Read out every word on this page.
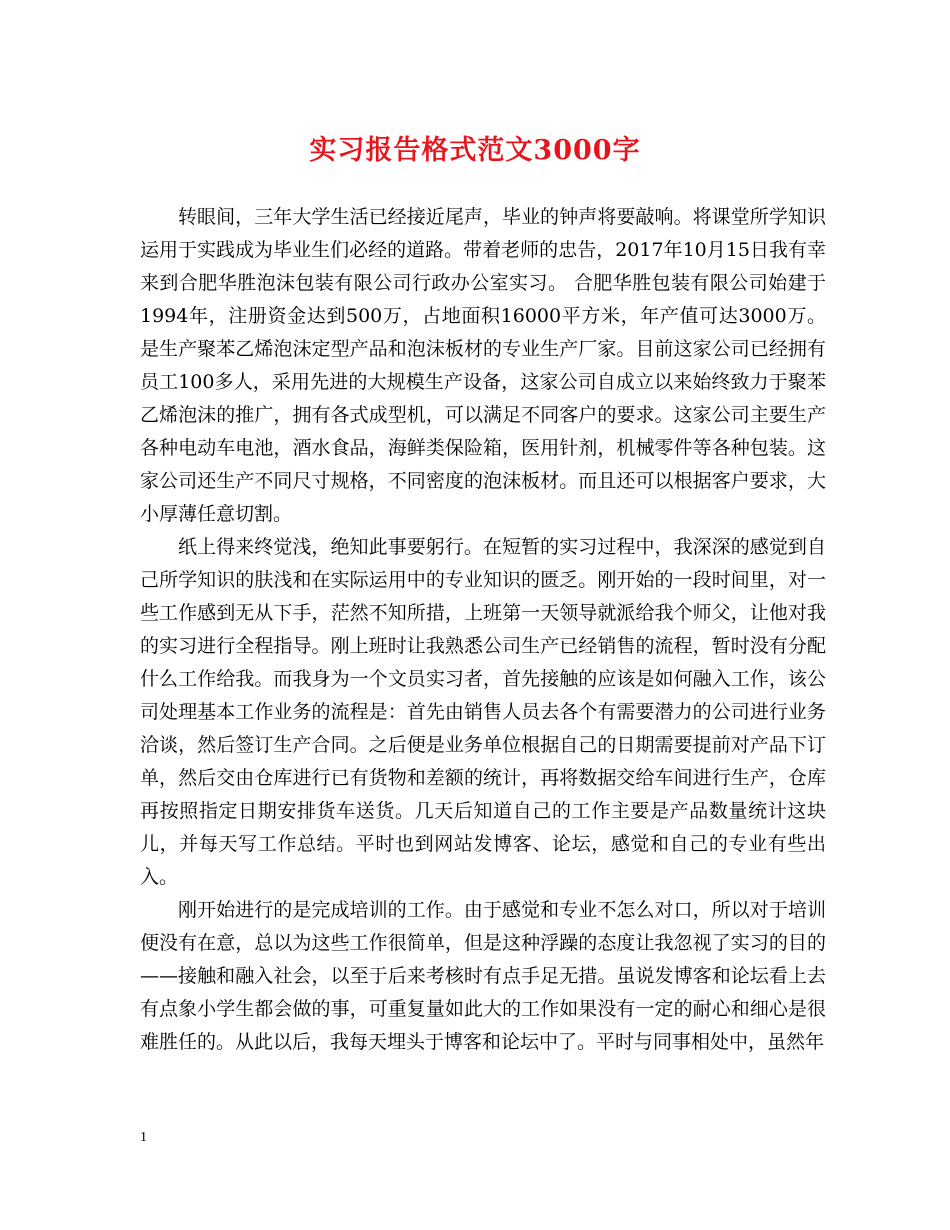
实习报告格式范文3000字

转眼间，三年大学生活已经接近尾声，毕业的钟声将要敲响。将课堂所学知识运用于实践成为毕业生们必经的道路。带着老师的忠告，2017年10月15日我有幸来到合肥华胜泡沫包装有限公司行政办公室实习。 合肥华胜包装有限公司始建于1994年，注册资金达到500万，占地面积16000平方米，年产值可达3000万。是生产聚苯乙烯泡沫定型产品和泡沫板材的专业生产厂家。目前这家公司已经拥有员工100多人，采用先进的大规模生产设备，这家公司自成立以来始终致力于聚苯乙烯泡沫的推广，拥有各式成型机，可以满足不同客户的要求。这家公司主要生产各种电动车电池，酒水食品，海鲜类保险箱，医用针剂，机械零件等各种包装。这家公司还生产不同尺寸规格，不同密度的泡沫板材。而且还可以根据客户要求，大小厚薄任意切割。

纸上得来终觉浅，绝知此事要躬行。在短暂的实习过程中，我深深的感觉到自己所学知识的肤浅和在实际运用中的专业知识的匮乏。刚开始的一段时间里，对一些工作感到无从下手，茫然不知所措，上班第一天领导就派给我个师父，让他对我的实习进行全程指导。刚上班时让我熟悉公司生产已经销售的流程，暂时没有分配什么工作给我。而我身为一个文员实习者，首先接触的应该是如何融入工作，该公司处理基本工作业务的流程是：首先由销售人员去各个有需要潜力的公司进行业务洽谈，然后签订生产合同。之后便是业务单位根据自己的日期需要提前对产品下订单，然后交由仓库进行已有货物和差额的统计，再将数据交给车间进行生产，仓库再按照指定日期安排货车送货。几天后知道自己的工作主要是产品数量统计这块儿，并每天写工作总结。平时也到网站发博客、论坛，感觉和自己的专业有些出入。

刚开始进行的是完成培训的工作。由于感觉和专业不怎么对口，所以对于培训便没有在意，总以为这些工作很简单，但是这种浮躁的态度让我忽视了实习的目的——接触和融入社会，以至于后来考核时有点手足无措。虽说发博客和论坛看上去有点象小学生都会做的事，可重复量如此大的工作如果没有一定的耐心和细心是很难胜任的。从此以后，我每天埋头于博客和论坛中了。平时与同事相处中，虽然年

1
